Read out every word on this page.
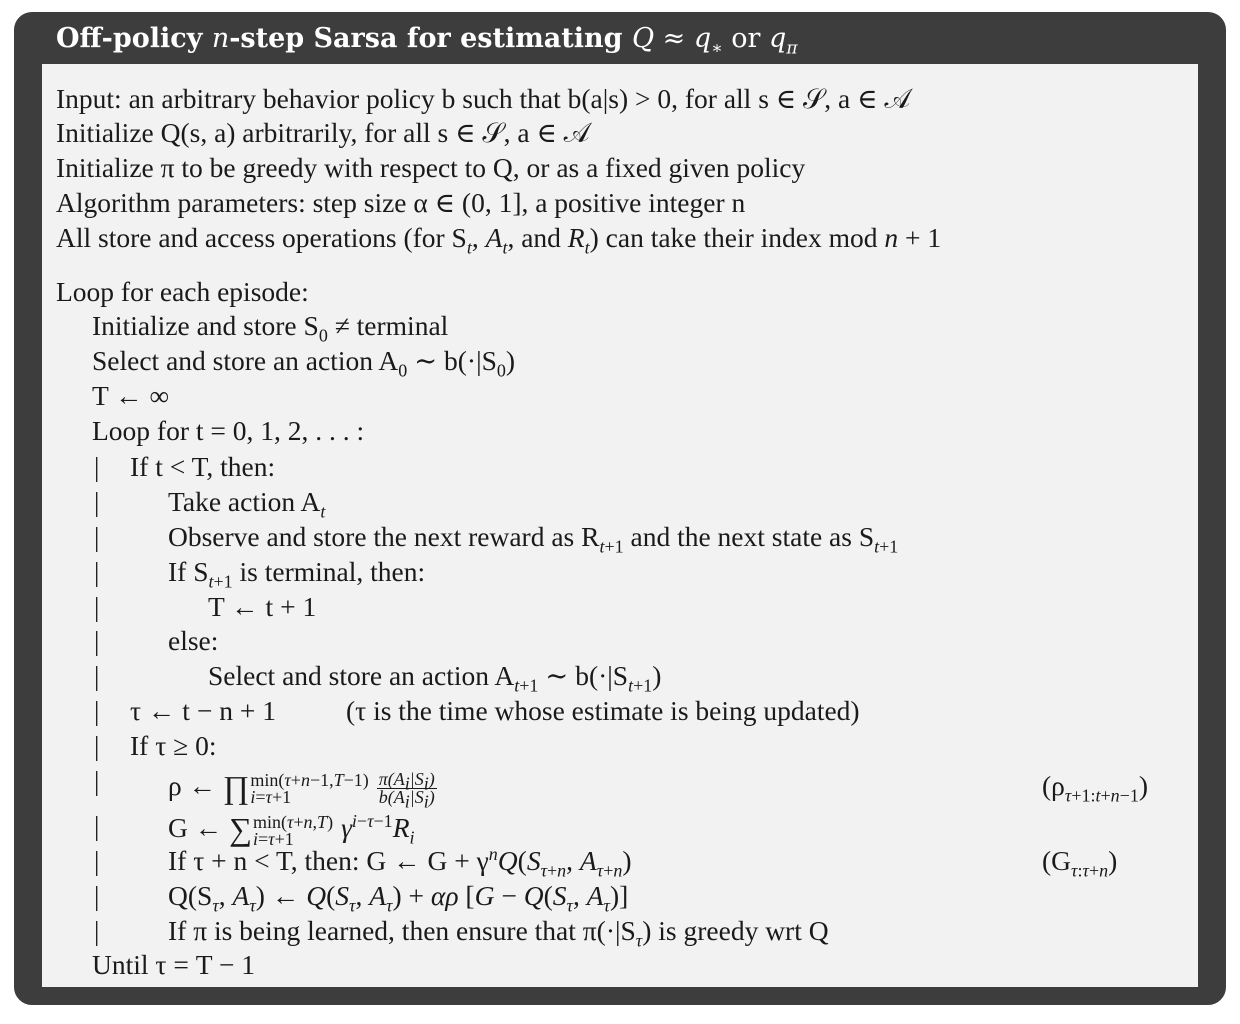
Off-policy n-step Sarsa for estimating $Q \approx q_∗$ or $q_\pi$
Input: an arbitrary behavior policy b such that b(a|s) > 0, for all s ∈ 𝒮, a ∈ 𝒜
Initialize Q(s, a) arbitrarily, for all s ∈ 𝒮, a ∈ 𝒜
Initialize π to be greedy with respect to Q, or as a fixed given policy
Algorithm parameters: step size α ∈ (0, 1], a positive integer n
All store and access operations (for $S_t$, $A_t$, and $R_t$) can take their index mod n + 1
Loop for each episode:
Initialize and store $S_0$ ≠ terminal
Select and store an action $A_0$ ∼ $b(\cdot|S_0)$
T ← ∞
Loop for t = 0, 1, 2, . . . :
|
|
|
|
|
|
|
|
|
|
|
|
|
|
If t < T, then:
Take action $A_t$
Observe and store the next reward as $R_{t+1}$ and the next state as $S_{t+1}$
If $S_{t+1}$ is terminal, then:
T ← t + 1
else:
Select and store an action $A_{t+1}$ ∼ $b(\cdot|S_{t+1})$
τ ← t − n + 1	(τ is the time whose estimate is being updated)
If τ ≥ 0:
ρ ← ∏ min(τ+n−1,T−1)
i=τ+1	$\frac{\pi(A_i|S_i)}{b(A_i|S_i)}$	$(\rho_{\tau+1:t+n-1})$
G ← ∑ min(τ+n,T)
i=τ+1	$\gamma^{i-\tau-1}R_i$
If τ + n < T, then: G ← $G + \gamma^nQ(S_{\tau+n}$, $A_{\tau+n}$)	$(G_{\tau:\tau+n})$
$Q(S_\tau$, $A_\tau$) ← $Q(S_\tau$, $A_\tau) + \alpha\rho$ [$G - Q(S_\tau$, $A_\tau$)]
If π is being learned, then ensure that $\pi(\cdot|S_\tau)$ is greedy wrt Q
Until τ = T − 1
